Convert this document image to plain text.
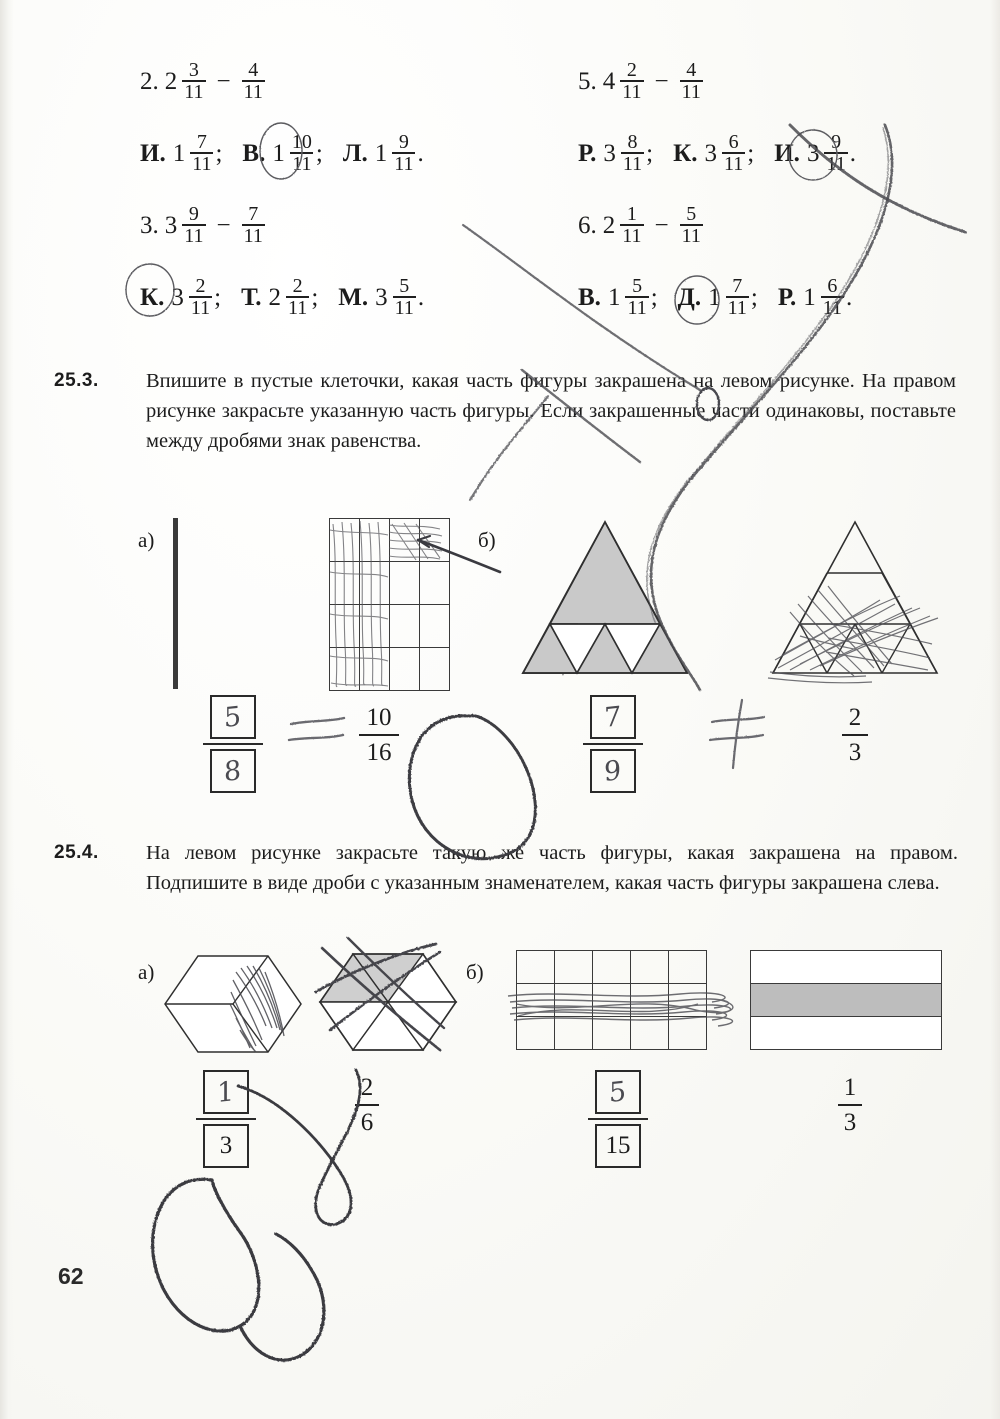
2. $2 \frac{3}{11} - \frac{4}{11}$
И. $1 \frac{7}{11}$ ; В. $1 \frac{10}{11}$ ; Л. $1 \frac{9}{11}$ .
3. $3 \frac{9}{11} - \frac{7}{11}$
К. $3 \frac{2}{11}$ ; Т. $2 \frac{2}{11}$ ; М. $3 \frac{5}{11}$ .
5. $4 \frac{2}{11} - \frac{4}{11}$
Р. $3 \frac{8}{11}$ ; К. $3 \frac{6}{11}$ ; И. $3 \frac{9}{11}$ .
6. $2 \frac{1}{11} - \frac{5}{11}$
В. $1 \frac{5}{11}$ ; Д. $1 \frac{7}{11}$ ; Р. $1 \frac{6}{11}$ .
25.3. Впишите в пустые клеточки, какая часть фигуры закрашена на левом рисунке. На правом рисунке закрасьте указанную часть фигуры. Если закрашенные части одинаковы, поставьте между дробями знак равенства.
а)

$\frac{5}{8}$	10
16
б)
$\frac{7}{9}$	2
3
25.4. На левом рисунке закрасьте такую же часть фигуры, какая закрашена на правом. Подпишите в виде дроби с указанным знаменателем, какая часть фигуры закрашена слева.
а)
$\frac{1}{3}$	2
6
б)

$\frac{5}{15}$	1
3
62
